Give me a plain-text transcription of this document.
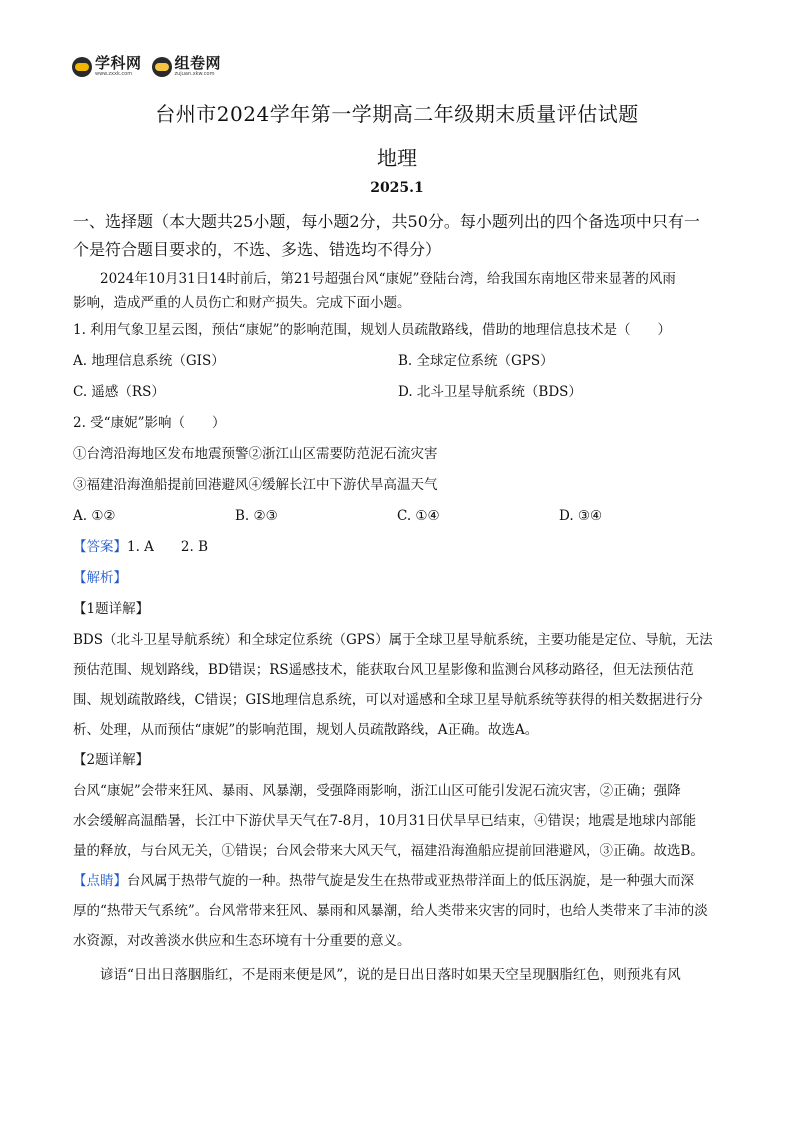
学科网
www.zxxk.com
组卷网
zujuan.xkw.com
台州市2024学年第一学期高二年级期末质量评估试题
地理
2025.1

一、选择题（本大题共25小题，每小题2分，共50分。每小题列出的四个备选项中只有一

个是符合题目要求的，不选、多选、错选均不得分）

2024年10月31日14时前后，第21号超强台风“康妮”登陆台湾，给我国东南地区带来显著的风雨

影响，造成严重的人员伤亡和财产损失。完成下面小题。

1. 利用气象卫星云图，预估“康妮”的影响范围，规划人员疏散路线，借助的地理信息技术是（　　）

A. 地理信息系统（GIS）	B. 全球定位系统（GPS）
C. 遥感（RS）	D. 北斗卫星导航系统（BDS）

2. 受“康妮”影响（　　）

①台湾沿海地区发布地震预警②浙江山区需要防范泥石流灾害

③福建沿海渔船提前回港避风④缓解长江中下游伏旱高温天气

A. ①②	B. ②③	C. ①④	D. ③④

【答案】1. A　　2. B

【解析】

【1题详解】

BDS（北斗卫星导航系统）和全球定位系统（GPS）属于全球卫星导航系统，主要功能是定位、导航，无法

预估范围、规划路线，BD错误；RS遥感技术，能获取台风卫星影像和监测台风移动路径，但无法预估范

围、规划疏散路线，C错误；GIS地理信息系统，可以对遥感和全球卫星导航系统等获得的相关数据进行分

析、处理，从而预估“康妮”的影响范围，规划人员疏散路线，A正确。故选A。

【2题详解】

台风“康妮”会带来狂风、暴雨、风暴潮，受强降雨影响，浙江山区可能引发泥石流灾害，②正确；强降

水会缓解高温酷暑，长江中下游伏旱天气在7-8月，10月31日伏旱早已结束，④错误；地震是地球内部能

量的释放，与台风无关，①错误；台风会带来大风天气，福建沿海渔船应提前回港避风，③正确。故选B。

【点睛】台风属于热带气旋的一种。热带气旋是发生在热带或亚热带洋面上的低压涡旋，是一种强大而深

厚的“热带天气系统”。台风常带来狂风、暴雨和风暴潮，给人类带来灾害的同时，也给人类带来了丰沛的淡

水资源，对改善淡水供应和生态环境有十分重要的意义。

谚语“日出日落胭脂红，不是雨来便是风”，说的是日出日落时如果天空呈现胭脂红色，则预兆有风
